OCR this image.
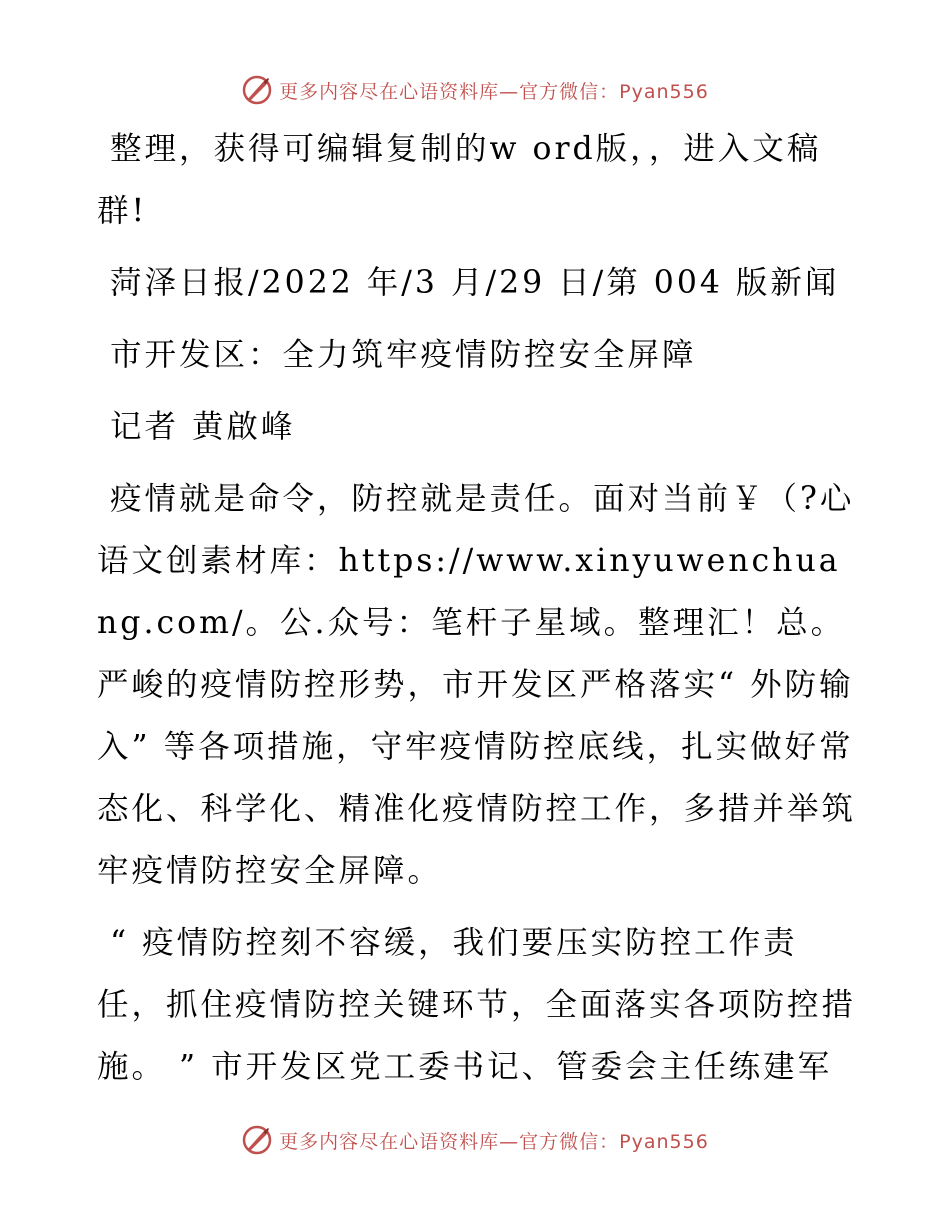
更多内容尽在心语资料库—官方微信：Pyan556

整理，获得可编辑复制的w ord版，，进入文稿群!

菏泽日报/2022 年/3 月/29 日/第 004 版新闻

市开发区：全力筑牢疫情防控安全屏障

记者 黄啟峰

疫情就是命令，防控就是责任。面对当前￥（?心语文创素材库：https://www.xinyuwenchuang.com/。公.众号：笔杆子星域。整理汇！总。严峻的疫情防控形势，市开发区严格落实“ 外防输入” 等各项措施，守牢疫情防控底线，扎实做好常态化、科学化、精准化疫情防控工作，多措并举筑牢疫情防控安全屏障。

“ 疫情防控刻不容缓，我们要压实防控工作责任，抓住疫情防控关键环节，全面落实各项防控措施。 ” 市开发区党工委书记、管委会主任练建军

更多内容尽在心语资料库—官方微信：Pyan556
